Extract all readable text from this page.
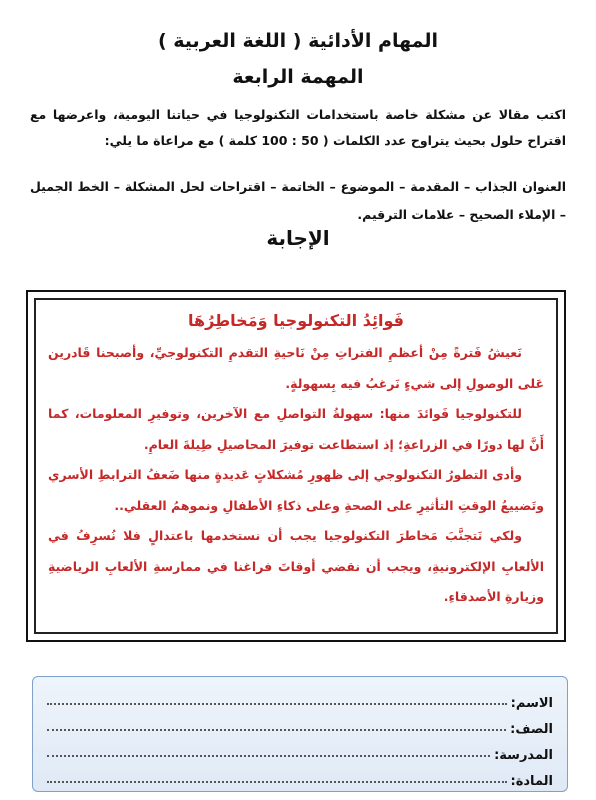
المهام الأدائية ( اللغة العربية )
المهمة الرابعة

اكتب مقالا عن مشكلة خاصة باستخدامات التكنولوجيا في حياتنا اليومية، واعرضها مع اقتراح حلول بحيث يتراوح عدد الكلمات ( 50 : 100 كلمة ) مع مراعاة ما يلي:

العنوان الجذاب – المقدمة – الموضوع – الخاتمة – اقتراحات لحل المشكلة – الخط الجميل – الإملاء الصحيح – علامات الترقيم.

الإجابة

فَوائِدُ التكنولوجيا وَمَخاطِرُهَا

نَعيشُ فَترةً مِنْ أعظمِ الفتراتِ مِنْ نَاحيةِ التقدمِ التكنولوجيِّ، وأصبحنا قَادرين عَلى الوصولِ إلى شيءٍ نَرغبُ فيه بِسهولةٍ.

للتكنولوجيا فَوائدَ منها: سهولةُ التواصلِ مع الآخرين، وتوفيرِ المعلومات، كما أَنَّ لها دورًا في الزراعةِ؛ إذ استطاعت توفيرَ المحاصيلِ طِيلةَ العامِ.

وأدى التطورُ التكنولوجي إلى ظهورِ مُشكلاتٍ عَديدةٍ منها ضَعفُ الترابطِ الأسري وتَضييعُ الوقتِ التأثيرِ على الصحةِ وعلى ذكاءِ الأطفالِ ونموهمُ العقلي..

ولكي نَتجنَّبَ مَخاطرَ التكنولوجيا يجب أن نستخدمها باعتدالٍ فلا نُسرِفُ في الألعابِ الإلكترونيةِ، ويجب أن نقضي أوقاتَ فراغنا في ممارسةِ الألعابِ الرياضيةِ وزيارةِ الأصدقاءِ.

الاسم:
الصف:
المدرسة:
المادة:
